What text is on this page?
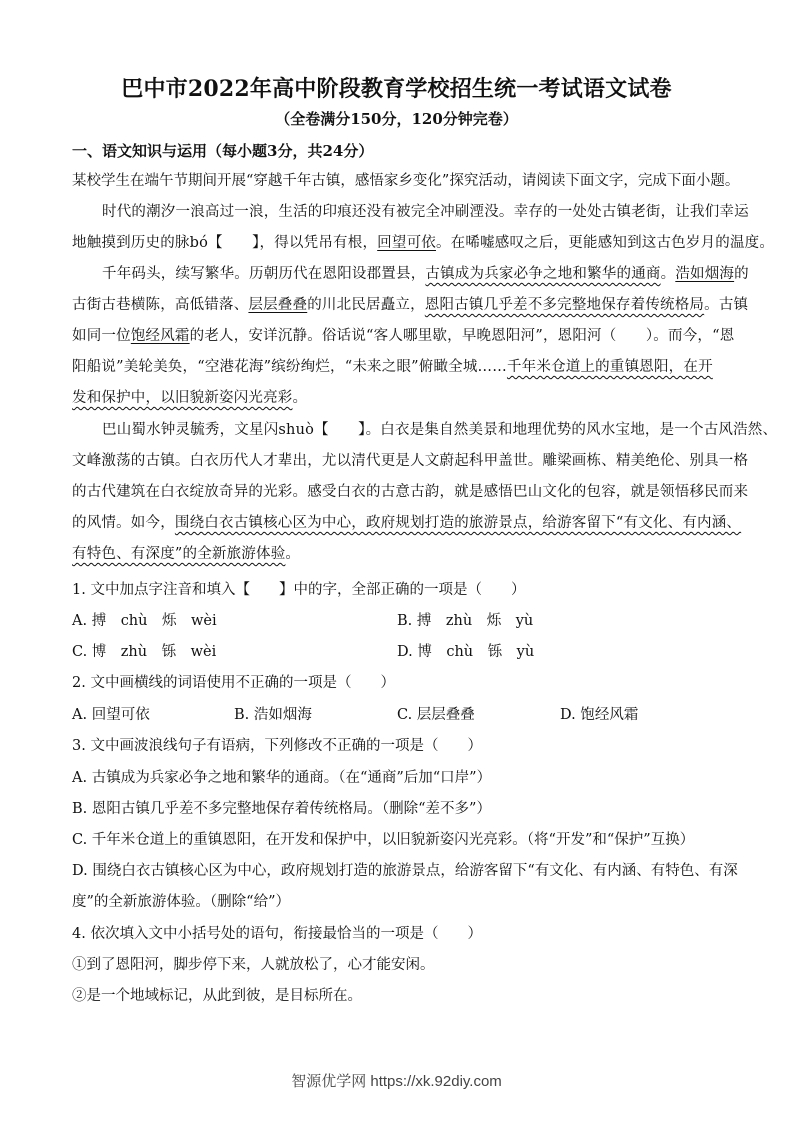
巴中市2022年高中阶段教育学校招生统一考试语文试卷
（全卷满分150分，120分钟完卷）
一、语文知识与运用（每小题3分，共24分）
某校学生在端午节期间开展“穿越千年古镇，感悟家乡变化”探究活动，请阅读下面文字，完成下面小题。
时代的潮汐一浪高过一浪，生活的印痕还没有被完全冲刷湮没。幸存的一处处古镇老街，让我们幸运
地触摸到历史的脉bó【　　】，得以凭吊有根，回望可依。在唏嘘感叹之后，更能感知到这古色岁月的温度。
千年码头，续写繁华。历朝历代在恩阳设郡置县，古镇成为兵家必争之地和繁华的通商。浩如烟海的
古街古巷横陈，高低错落、层层叠叠的川北民居矗立，恩阳古镇几乎差不多完整地保存着传统格局。古镇
如同一位饱经风霜的老人，安详沉静。俗话说“客人哪里歇，早晚恩阳河”，恩阳河（　　）。而今，“恩
阳船说”美轮美奂，“空港花海”缤纷绚烂，“未来之眼”俯瞰全城……千年米仓道上的重镇恩阳，在开
发和保护中，以旧貌新姿闪光亮彩。
巴山蜀水钟灵毓秀，文星闪shuò【　　】。白衣是集自然美景和地理优势的风水宝地，是一个古风浩然、
文峰激荡的古镇。白衣历代人才辈出，尤以清代更是人文蔚起科甲盖世。雕梁画栋、精美绝伦、别具一格
的古代建筑在白衣绽放奇异的光彩。感受白衣的古意古韵，就是感悟巴山文化的包容，就是领悟移民而来
的风情。如今，围绕白衣古镇核心区为中心，政府规划打造的旅游景点，给游客留下“有文化、有内涵、
有特色、有深度”的全新旅游体验。
1. 文中加点字注音和填入【　　】中的字，全部正确的一项是（　　）
A. 搏　chù　烁　wèi	B. 搏　zhù　烁　yù
C. 博　zhù　铄　wèi	D. 博　chù　铄　yù
2. 文中画横线的词语使用不正确的一项是（　　）
A. 回望可依	B. 浩如烟海	C. 层层叠叠	D. 饱经风霜
3. 文中画波浪线句子有语病，下列修改不正确的一项是（　　）
A. 古镇成为兵家必争之地和繁华的通商。（在“通商”后加“口岸”）
B. 恩阳古镇几乎差不多完整地保存着传统格局。（删除“差不多”）
C. 千年米仓道上的重镇恩阳，在开发和保护中，以旧貌新姿闪光亮彩。（将“开发”和“保护”互换）
D. 围绕白衣古镇核心区为中心，政府规划打造的旅游景点，给游客留下“有文化、有内涵、有特色、有深
度”的全新旅游体验。（删除“给”）
4. 依次填入文中小括号处的语句，衔接最恰当的一项是（　　）
①到了恩阳河，脚步停下来，人就放松了，心才能安闲。
②是一个地域标记，从此到彼，是目标所在。
智源优学网 https://xk.92diy.com
